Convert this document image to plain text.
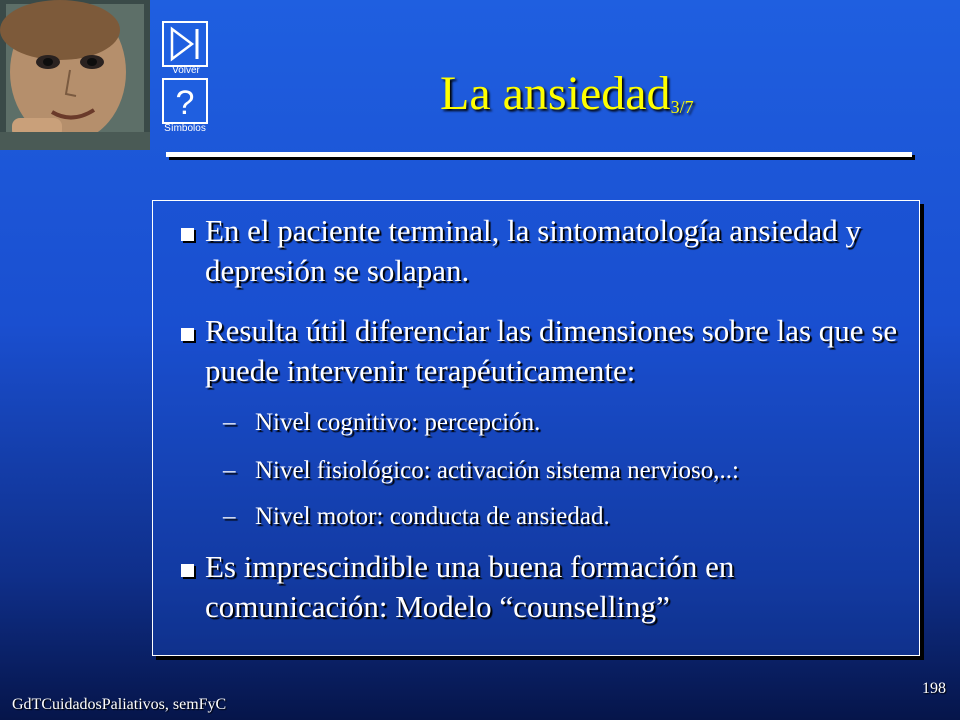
Volver
?
Símbolos
La ansiedad3/7
En el paciente terminal, la sintomatología ansiedad y depresión se solapan.
Resulta útil diferenciar las dimensiones sobre las que se puede intervenir terapéuticamente:
– Nivel cognitivo: percepción.
– Nivel fisiológico: activación sistema nervioso,..:
– Nivel motor: conducta de ansiedad.
Es imprescindible una buena formación en comunicación: Modelo “counselling”
GdTCuidadosPaliativos, semFyC
198
